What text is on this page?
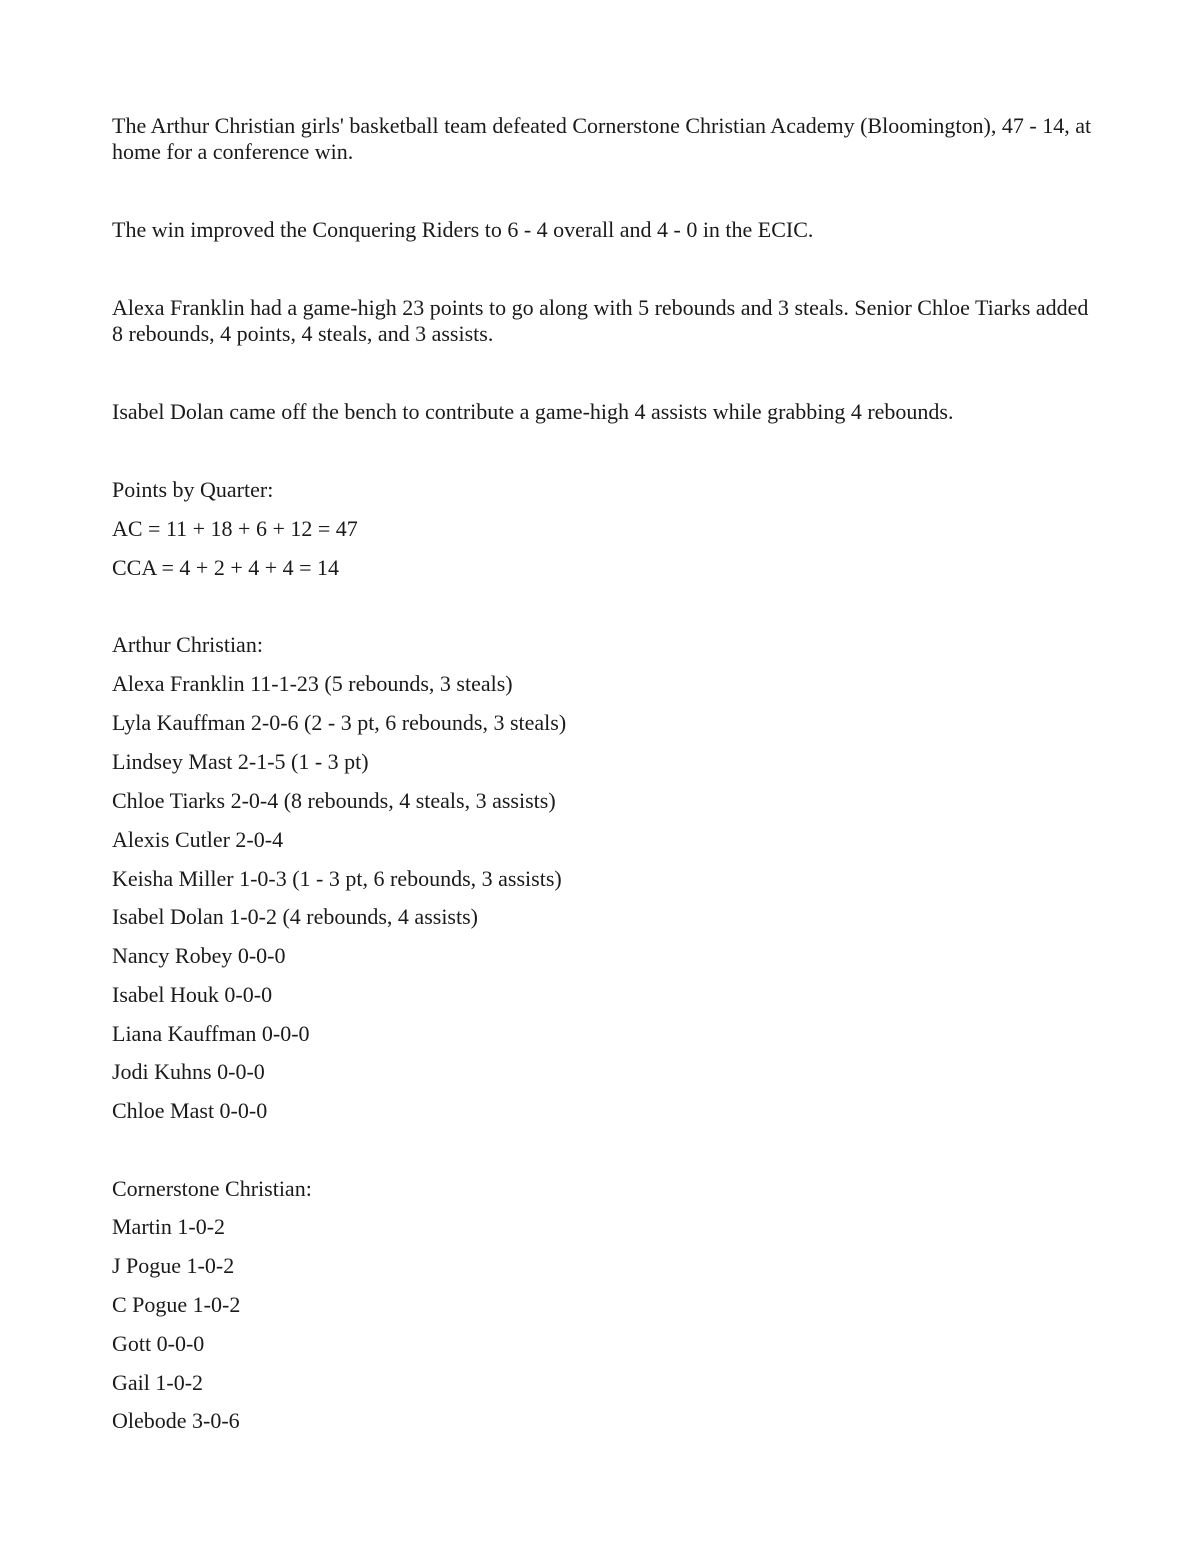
The Arthur Christian girls' basketball team defeated Cornerstone Christian Academy (Bloomington), 47 - 14, at home for a conference win.

The win improved the Conquering Riders to 6 - 4 overall and 4 - 0 in the ECIC.

Alexa Franklin had a game-high 23 points to go along with 5 rebounds and 3 steals. Senior Chloe Tiarks added 8 rebounds, 4 points, 4 steals, and 3 assists.

Isabel Dolan came off the bench to contribute a game-high 4 assists while grabbing 4 rebounds.

Points by Quarter:

AC = 11 + 18 + 6 + 12 = 47

CCA = 4 + 2 + 4 + 4 = 14

Arthur Christian:

Alexa Franklin 11-1-23 (5 rebounds, 3 steals)

Lyla Kauffman 2-0-6 (2 - 3 pt, 6 rebounds, 3 steals)

Lindsey Mast 2-1-5 (1 - 3 pt)

Chloe Tiarks 2-0-4 (8 rebounds, 4 steals, 3 assists)

Alexis Cutler 2-0-4

Keisha Miller 1-0-3 (1 - 3 pt, 6 rebounds, 3 assists)

Isabel Dolan 1-0-2 (4 rebounds, 4 assists)

Nancy Robey 0-0-0

Isabel Houk 0-0-0

Liana Kauffman 0-0-0

Jodi Kuhns 0-0-0

Chloe Mast 0-0-0

Cornerstone Christian:

Martin 1-0-2

J Pogue 1-0-2

C Pogue 1-0-2

Gott 0-0-0

Gail 1-0-2

Olebode 3-0-6
